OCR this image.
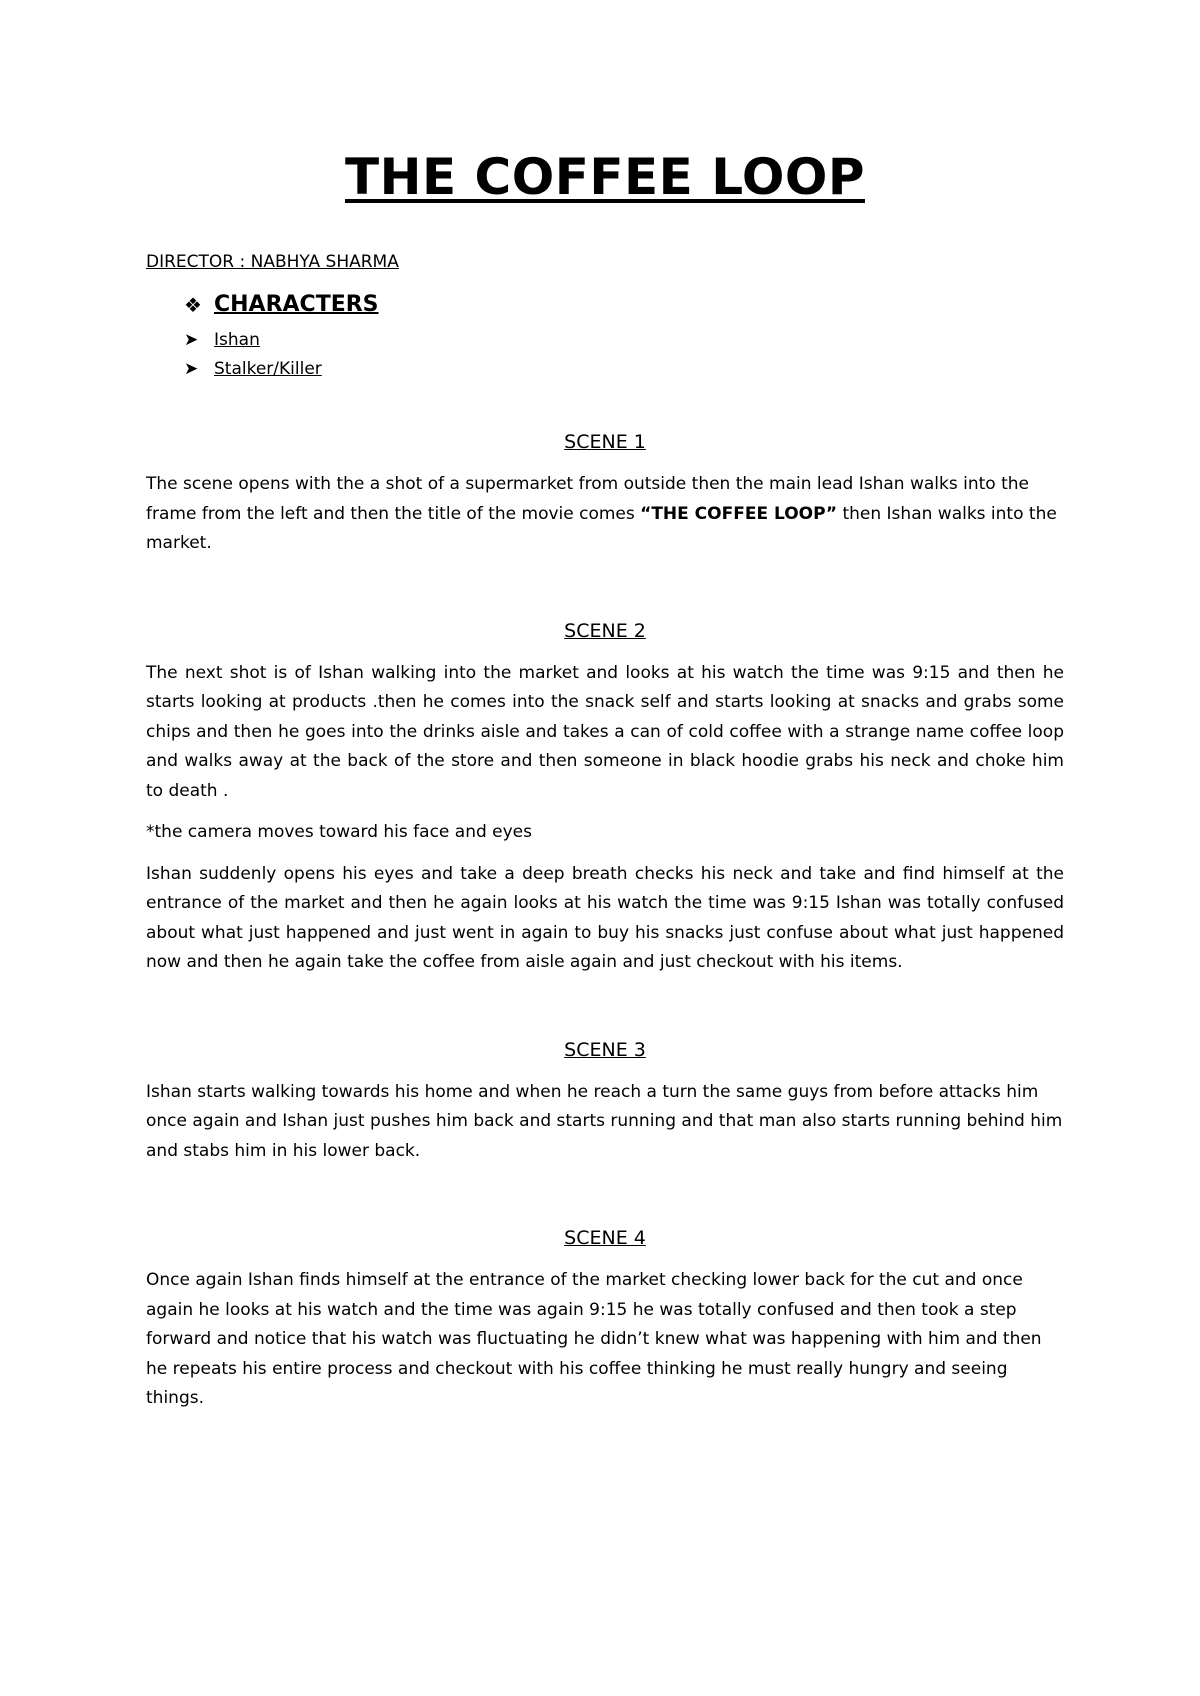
THE COFFEE LOOP
DIRECTOR : NABHYA SHARMA
❖ CHARACTERS
➤ Ishan
➤ Stalker/Killer
SCENE 1

The scene opens with the a shot of a supermarket from outside then the main lead Ishan walks into the frame from the left and then the title of the movie comes “THE COFFEE LOOP” then Ishan walks into the market.

SCENE 2

The next shot is of Ishan walking into the market and looks at his watch the time was 9:15 and then he starts looking at products .then he comes into the snack self and starts looking at snacks and grabs some chips and then he goes into the drinks aisle and takes a can of cold coffee with a strange name coffee loop and walks away at the back of the store and then someone in black hoodie grabs his neck and choke him to death .

*the camera moves toward his face and eyes

Ishan suddenly opens his eyes and take a deep breath checks his neck and take and find himself at the entrance of the market and then he again looks at his watch the time was 9:15 Ishan was totally confused about what just happened and just went in again to buy his snacks just confuse about what just happened now and then he again take the coffee from aisle again and just checkout with his items.

SCENE 3

Ishan starts walking towards his home and when he reach a turn the same guys from before attacks him once again and Ishan just pushes him back and starts running and that man also starts running behind him and stabs him in his lower back.

SCENE 4

Once again Ishan finds himself at the entrance of the market checking lower back for the cut and once again he looks at his watch and the time was again 9:15 he was totally confused and then took a step forward and notice that his watch was fluctuating he didn’t knew what was happening with him and then he repeats his entire process and checkout with his coffee thinking he must really hungry and seeing things.
